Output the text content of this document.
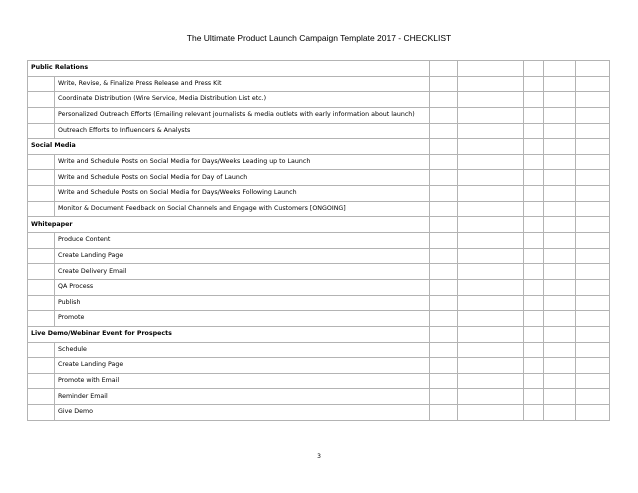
The Ultimate Product Launch Campaign Template 2017 - CHECKLIST
Public Relations						
	Write, Revise, & Finalize Press Release and Press Kit					
	Coordinate Distribution (Wire Service, Media Distribution List etc.)					
	Personalized Outreach Efforts (Emailing relevant journalists & media outlets with early information about launch)					
	Outreach Efforts to Influencers & Analysts					
Social Media						
	Write and Schedule Posts on Social Media for Days/Weeks Leading up to Launch					
	Write and Schedule Posts on Social Media for Day of Launch					
	Write and Schedule Posts on Social Media for Days/Weeks Following Launch					
	Monitor & Document Feedback on Social Channels and Engage with Customers [ONGOING]					
Whitepaper						
	Produce Content					
	Create Landing Page					
	Create Delivery Email					
	QA Process					
	Publish					
	Promote					
Live Demo/Webinar Event for Prospects						
	Schedule					
	Create Landing Page					
	Promote with Email					
	Reminder Email					
	Give Demo					
3
